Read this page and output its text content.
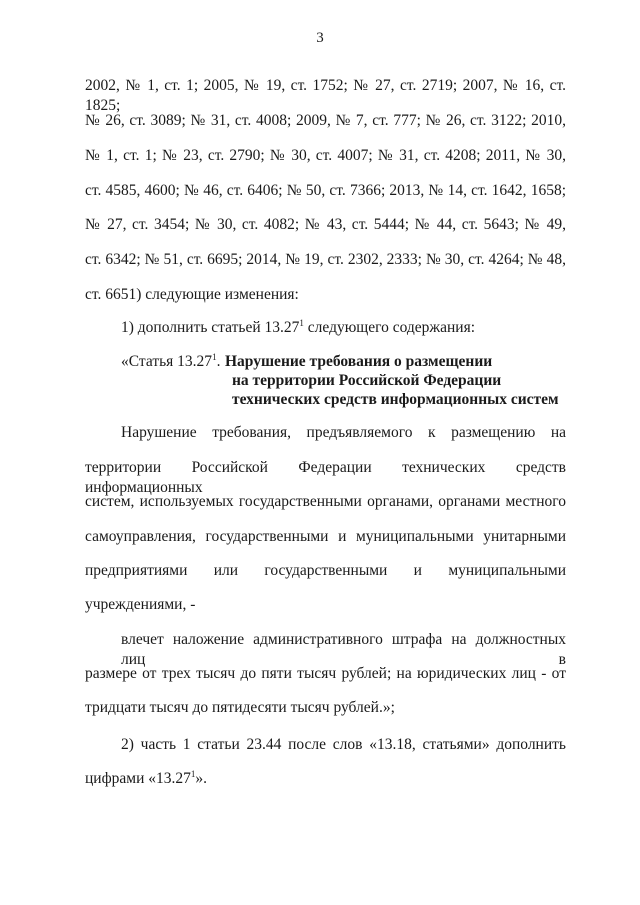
3
2002, № 1, ст. 1; 2005, № 19, ст. 1752; № 27, ст. 2719; 2007, № 16, ст. 1825;
№ 26, ст. 3089; № 31, ст. 4008; 2009, № 7, ст. 777; № 26, ст. 3122; 2010,
№ 1, ст. 1; № 23, ст. 2790; № 30, ст. 4007; № 31, ст. 4208; 2011, № 30,
ст. 4585, 4600; № 46, ст. 6406; № 50, ст. 7366; 2013, № 14, ст. 1642, 1658;
№ 27, ст. 3454; № 30, ст. 4082; № 43, ст. 5444; № 44, ст. 5643; № 49,
ст. 6342; № 51, ст. 6695; 2014, № 19, ст. 2302, 2333; № 30, ст. 4264; № 48,
ст. 6651) следующие изменения:
1) дополнить статьей 13.27$^1$ следующего содержания:
«Статья 13.27$^1$. Нарушение требования о размещении
на территории Российской Федерации
технических средств информационных систем
Нарушение требования, предъявляемого к размещению на
территории Российской Федерации технических средств информационных
систем, используемых государственными органами, органами местного
самоуправления, государственными и муниципальными унитарными
предприятиями или государственными и муниципальными
учреждениями, -
влечет наложение административного штрафа на должностных лиц в
размере от трех тысяч до пяти тысяч рублей; на юридических лиц - от
тридцати тысяч до пятидесяти тысяч рублей.»;
2) часть 1 статьи 23.44 после слов «13.18, статьями» дополнить
цифрами «13.27$^1$».
